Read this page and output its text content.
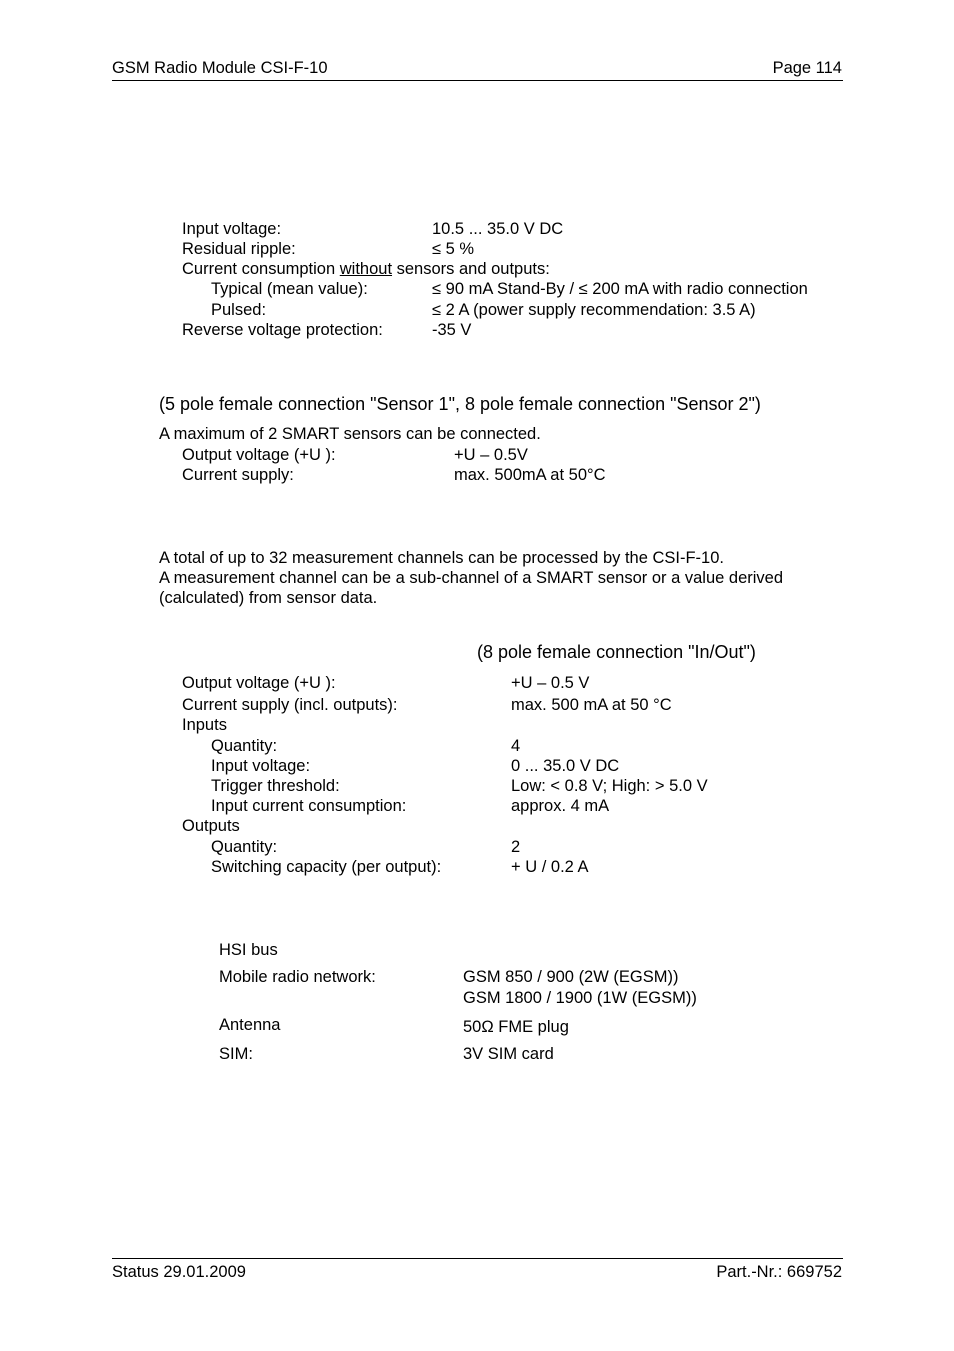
GSM Radio Module CSI-F-10	Page 114
Input voltage:	10.5 ... 35.0 V DC
Residual ripple:	≤ 5 %
Current consumption without sensors and outputs:
Typical (mean value):	≤ 90 mA Stand-By / ≤ 200 mA with radio connection
Pulsed:	≤ 2 A (power supply recommendation: 3.5 A)
Reverse voltage protection:	-35 V
(5 pole female connection "Sensor 1", 8 pole female connection "Sensor 2")
A maximum of 2 SMART sensors can be connected.
Output voltage (+U ):	+U – 0.5V
Current supply:	max. 500mA at 50°C
A total of up to 32 measurement channels can be processed by the CSI-F-10.
A measurement channel can be a sub-channel of a SMART sensor or a value derived
(calculated) from sensor data.
(8 pole female connection "In/Out")
Output voltage (+U ):	+U – 0.5 V
Current supply (incl. outputs):	max. 500 mA at 50 °C
Inputs
Quantity:	4
Input voltage:	0 ... 35.0 V DC
Trigger threshold:	Low: < 0.8 V; High: > 5.0 V
Input current consumption:	approx. 4 mA
Outputs
Quantity:	2
Switching capacity (per output):	+ U / 0.2 A
HSI bus
Mobile radio network:	GSM 850 / 900 (2W (EGSM))
GSM 1800 / 1900 (1W (EGSM))
Antenna	50Ω FME plug
SIM:	3V SIM card
Status 29.01.2009	Part.-Nr.: 669752
